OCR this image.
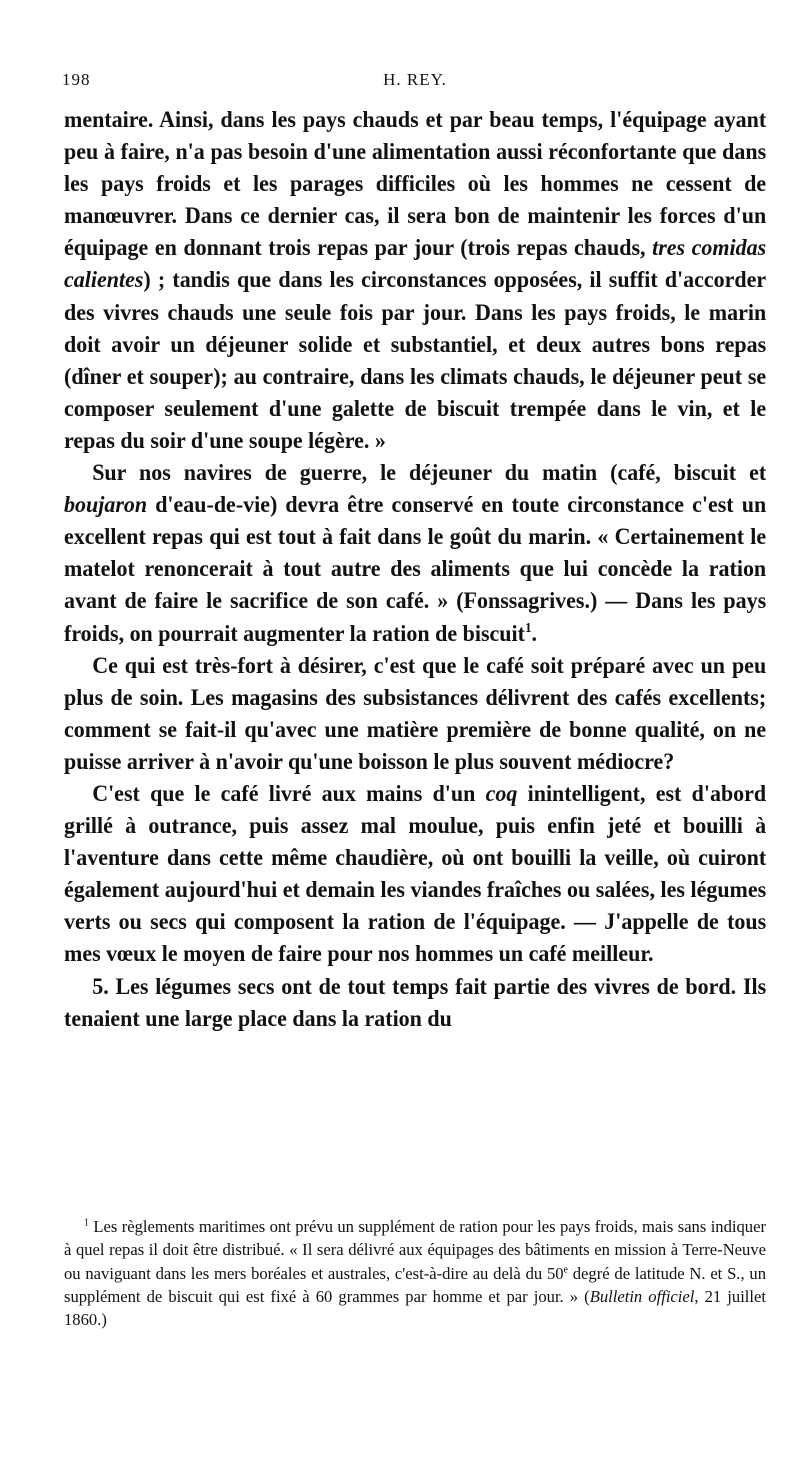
198	H. REY.

mentaire. Ainsi, dans les pays chauds et par beau temps, l'équipage ayant peu à faire, n'a pas besoin d'une alimentation aussi réconfortante que dans les pays froids et les parages difficiles où les hommes ne cessent de manœuvrer. Dans ce dernier cas, il sera bon de maintenir les forces d'un équipage en donnant trois repas par jour (trois repas chauds, tres comidas calientes) ; tandis que dans les circonstances opposées, il suffit d'accorder des vivres chauds une seule fois par jour. Dans les pays froids, le marin doit avoir un déjeuner solide et substantiel, et deux autres bons repas (dîner et souper); au contraire, dans les climats chauds, le déjeuner peut se composer seulement d'une galette de biscuit trempée dans le vin, et le repas du soir d'une soupe légère. »

Sur nos navires de guerre, le déjeuner du matin (café, biscuit et boujaron d'eau-de-vie) devra être conservé en toute circonstance c'est un excellent repas qui est tout à fait dans le goût du marin. « Certainement le matelot renoncerait à tout autre des aliments que lui concède la ration avant de faire le sacrifice de son café. » (Fonssagrives.) — Dans les pays froids, on pourrait augmenter la ration de biscuit$^1$.

Ce qui est très-fort à désirer, c'est que le café soit préparé avec un peu plus de soin. Les magasins des subsistances délivrent des cafés excellents; comment se fait-il qu'avec une matière première de bonne qualité, on ne puisse arriver à n'avoir qu'une boisson le plus souvent médiocre?

C'est que le café livré aux mains d'un coq inintelligent, est d'abord grillé à outrance, puis assez mal moulue, puis enfin jeté et bouilli à l'aventure dans cette même chaudière, où ont bouilli la veille, où cuiront également aujourd'hui et demain les viandes fraîches ou salées, les légumes verts ou secs qui composent la ration de l'équipage. — J'appelle de tous mes vœux le moyen de faire pour nos hommes un café meilleur.

5. Les légumes secs ont de tout temps fait partie des vivres de bord. Ils tenaient une large place dans la ration du

$^1$ Les règlements maritimes ont prévu un supplément de ration pour les pays froids, mais sans indiquer à quel repas il doit être distribué. « Il sera délivré aux équipages des bâtiments en mission à Terre-Neuve ou naviguant dans les mers boréales et australes, c'est-à-dire au delà du 50e degré de latitude N. et S., un supplément de biscuit qui est fixé à 60 grammes par homme et par jour. » (Bulletin officiel, 21 juillet 1860.)
